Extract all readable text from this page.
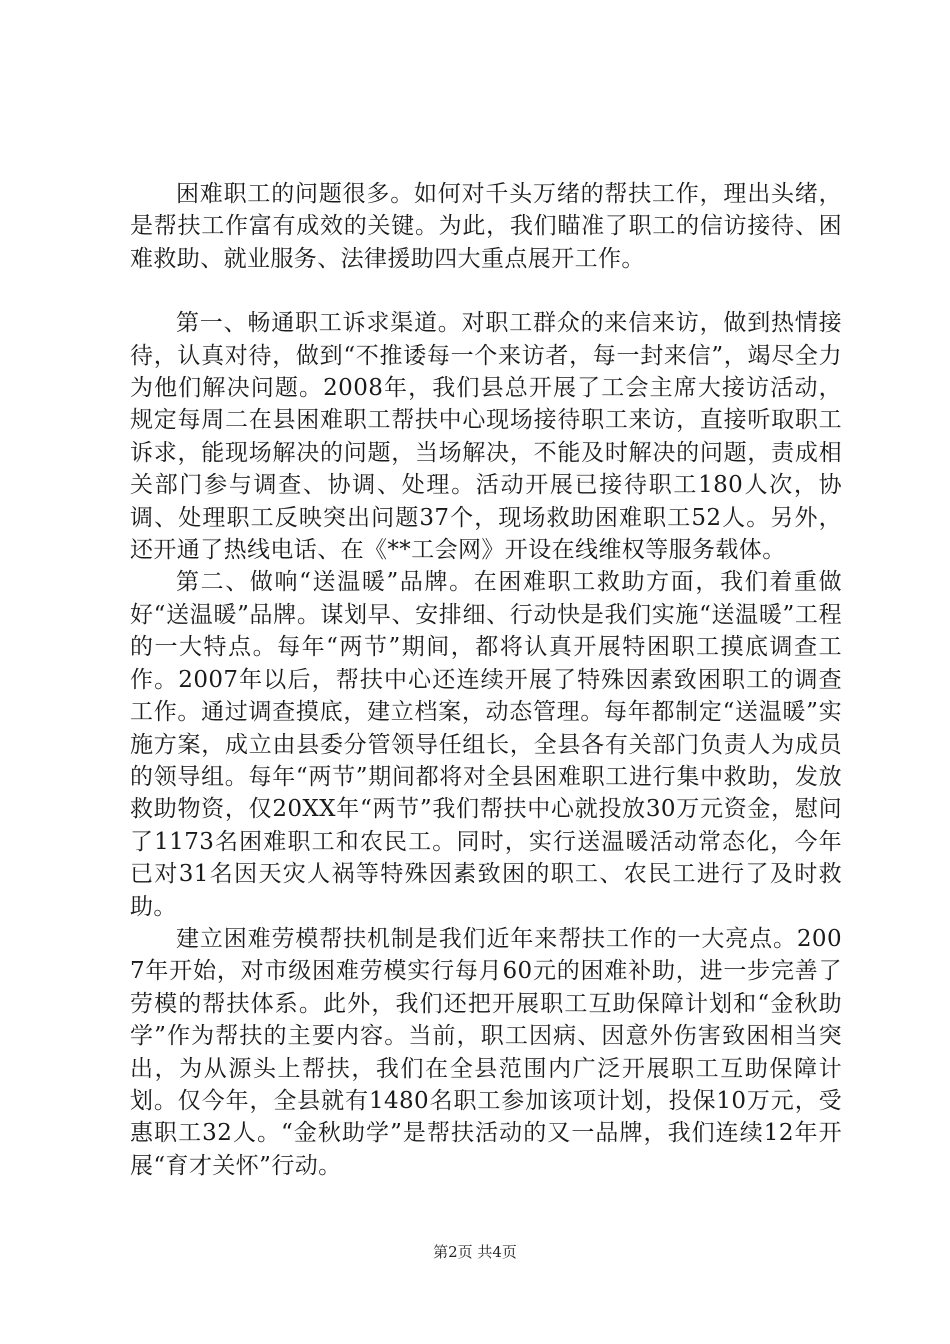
困难职工的问题很多。如何对千头万绪的帮扶工作，理出头绪，是帮扶工作富有成效的关键。为此，我们瞄准了职工的信访接待、困难救助、就业服务、法律援助四大重点展开工作。

第一、畅通职工诉求渠道。对职工群众的来信来访，做到热情接待，认真对待，做到“不推诿每一个来访者，每一封来信”，竭尽全力为他们解决问题。2008年，我们县总开展了工会主席大接访活动，规定每周二在县困难职工帮扶中心现场接待职工来访，直接听取职工诉求，能现场解决的问题，当场解决，不能及时解决的问题，责成相关部门参与调查、协调、处理。活动开展已接待职工180人次，协调、处理职工反映突出问题37个，现场救助困难职工52人。另外，还开通了热线电话、在《**工会网》开设在线维权等服务载体。

第二、做响“送温暖”品牌。在困难职工救助方面，我们着重做好“送温暖”品牌。谋划早、安排细、行动快是我们实施“送温暖”工程的一大特点。每年“两节”期间，都将认真开展特困职工摸底调查工作。2007年以后，帮扶中心还连续开展了特殊因素致困职工的调查工作。通过调查摸底，建立档案，动态管理。每年都制定“送温暖”实施方案，成立由县委分管领导任组长，全县各有关部门负责人为成员的领导组。每年“两节”期间都将对全县困难职工进行集中救助，发放救助物资，仅20XX年“两节”我们帮扶中心就投放30万元资金，慰问了1173名困难职工和农民工。同时，实行送温暖活动常态化，今年已对31名因天灾人祸等特殊因素致困的职工、农民工进行了及时救助。

建立困难劳模帮扶机制是我们近年来帮扶工作的一大亮点。2007年开始，对市级困难劳模实行每月60元的困难补助，进一步完善了劳模的帮扶体系。此外，我们还把开展职工互助保障计划和“金秋助学”作为帮扶的主要内容。当前，职工因病、因意外伤害致困相当突出，为从源头上帮扶，我们在全县范围内广泛开展职工互助保障计划。仅今年，全县就有1480名职工参加该项计划，投保10万元，受惠职工32人。“金秋助学”是帮扶活动的又一品牌，我们连续12年开展“育才关怀”行动。

第2页 共4页
